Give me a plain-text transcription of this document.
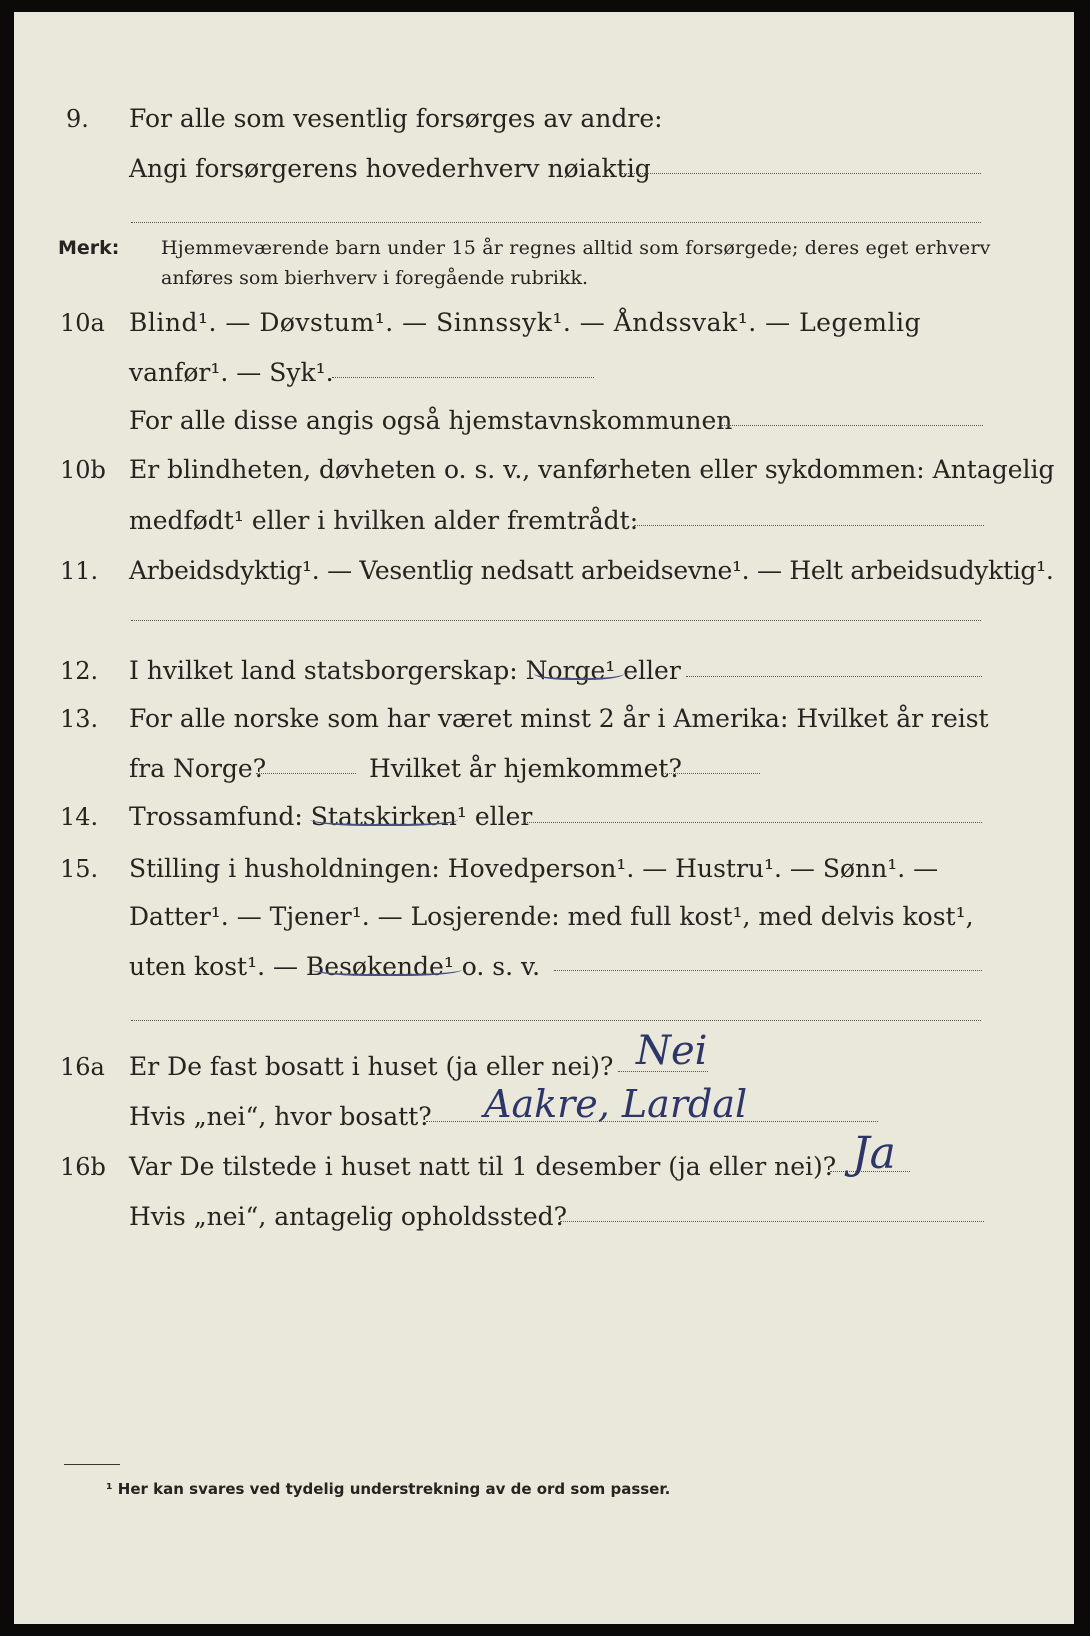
9. For alle som vesentlig forsørges av andre:
Angi forsørgerens hovederhverv nøiaktig
Merk: Hjemmeværende barn under 15 år regnes alltid som forsørgede; deres eget erhverv
anføres som bierhverv i foregående rubrikk.
10a Blind¹. — Døvstum¹. — Sinnssyk¹. — Åndssvak¹. — Legemlig
vanfør¹. — Syk¹.
For alle disse angis også hjemstavnskommunen
10b Er blindheten, døvheten o. s. v., vanførheten eller sykdommen: Antagelig
medfødt¹ eller i hvilken alder fremtrådt:
11. Arbeidsdyktig¹. — Vesentlig nedsatt arbeidsevne¹. — Helt arbeidsudyktig¹.
12. I hvilket land statsborgerskap: Norge¹ eller
13. For alle norske som har været minst 2 år i Amerika: Hvilket år reist
fra Norge?	Hvilket år hjemkommet?
14. Trossamfund: Statskirken¹ eller
15. Stilling i husholdningen: Hovedperson¹. — Hustru¹. — Sønn¹. —
Datter¹. — Tjener¹. — Losjerende: med full kost¹, med delvis kost¹,
uten kost¹. — Besøkende¹ o. s. v.
16a Er De fast bosatt i huset (ja eller nei)? Nei
Hvis „nei“, hvor bosatt? Aakre, Lardal
16b Var De tilstede i huset natt til 1 desember (ja eller nei)? Ja
Hvis „nei“, antagelig opholdssted?
¹ Her kan svares ved tydelig understrekning av de ord som passer.
